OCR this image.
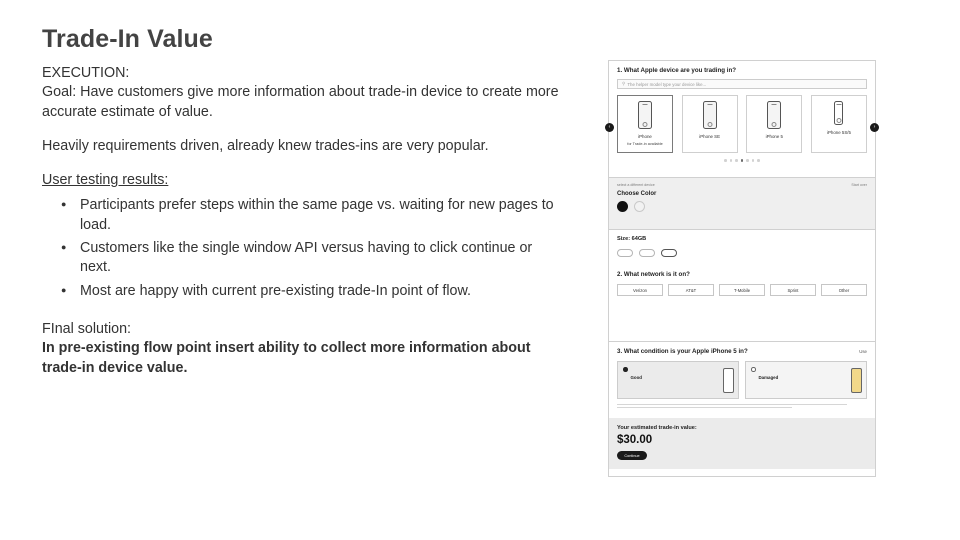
Trade-In Value

EXECUTION:

Goal: Have customers give more information about trade-in device to create more accurate estimate of value.

Heavily requirements driven, already knew trades-ins are very popular.

User testing results:

● Participants prefer steps within the same page vs. waiting for new pages to load.
● Customers like the single window API versus having to click continue or next.
● Most are happy with current pre-existing trade-In point of flow.

FInal solution:

In pre-existing flow point insert ability to collect more information about trade-in device value.

1. What Apple device are you trading in?

⚲ The helper model type your device like...
iPhone
for Trade-in available
iPhone SE	iPhone 5
iPhone 5S/5
‹	›
select a different device	Start over
Choose Color
Size: 64GB

2. What network is it on?

Verizon	AT&T	T-Mobile	Sprint	Other

3. What condition is your Apple iPhone 5 in?	Use
Good	Damaged
Your estimated trade-in value:
$30.00
Continue
